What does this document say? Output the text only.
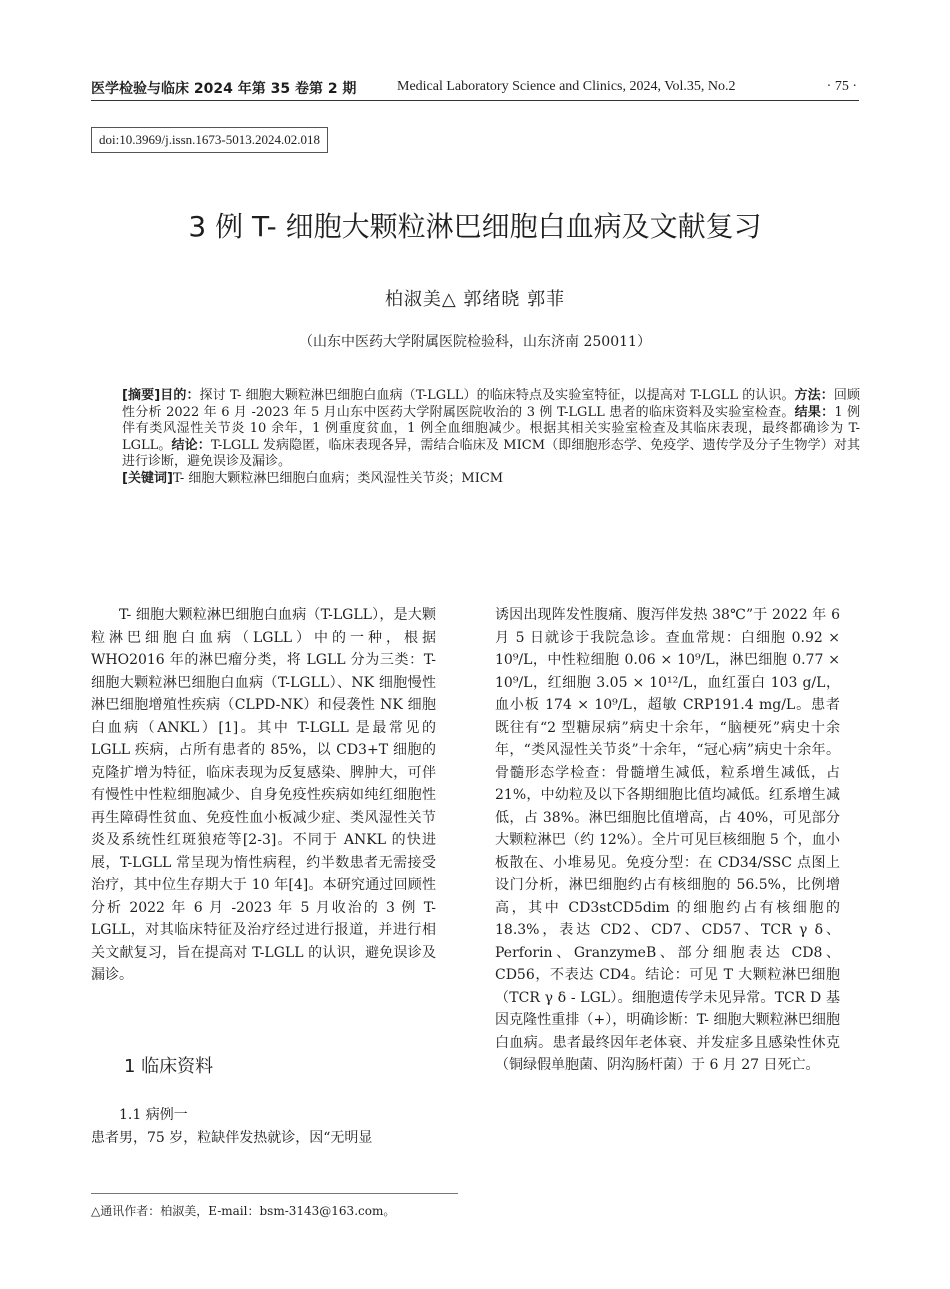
医学检验与临床 2024 年第 35 卷第 2 期	Medical Laboratory Science and Clinics, 2024, Vol.35, No.2	· 75 ·
doi:10.3969/j.issn.1673-5013.2024.02.018
3 例 T- 细胞大颗粒淋巴细胞白血病及文献复习
柏淑美△ 郭绪晓 郭菲
（山东中医药大学附属医院检验科，山东济南 250011）

[摘要]目的：探讨 T- 细胞大颗粒淋巴细胞白血病（T-LGLL）的临床特点及实验室特征，以提高对 T-LGLL 的认识。方法：回顾性分析 2022 年 6 月 -2023 年 5 月山东中医药大学附属医院收治的 3 例 T-LGLL 患者的临床资料及实验室检查。结果：1 例伴有类风湿性关节炎 10 余年，1 例重度贫血，1 例全血细胞减少。根据其相关实验室检查及其临床表现，最终都确诊为 T-LGLL。结论：T-LGLL 发病隐匿，临床表现各异，需结合临床及 MICM（即细胞形态学、免疫学、遗传学及分子生物学）对其进行诊断，避免误诊及漏诊。

[关键词]T- 细胞大颗粒淋巴细胞白血病；类风湿性关节炎；MICM

T- 细胞大颗粒淋巴细胞白血病（T-LGLL），是大颗粒淋巴细胞白血病（LGLL）中的一种，根据 WHO2016 年的淋巴瘤分类，将 LGLL 分为三类：T- 细胞大颗粒淋巴细胞白血病（T-LGLL）、NK 细胞慢性淋巴细胞增殖性疾病（CLPD-NK）和侵袭性 NK 细胞白血病（ANKL）[1]。其中 T-LGLL 是最常见的 LGLL 疾病，占所有患者的 85%，以 CD3+T 细胞的克隆扩增为特征，临床表现为反复感染、脾肿大，可伴有慢性中性粒细胞减少、自身免疫性疾病如纯红细胞性再生障碍性贫血、免疫性血小板减少症、类风湿性关节炎及系统性红斑狼疮等[2-3]。不同于 ANKL 的快进展，T-LGLL 常呈现为惰性病程，约半数患者无需接受治疗，其中位生存期大于 10 年[4]。本研究通过回顾性分析 2022 年 6 月 -2023 年 5 月收治的 3 例 T-LGLL，对其临床特征及治疗经过进行报道，并进行相关文献复习，旨在提高对 T-LGLL 的认识，避免误诊及漏诊。

1 临床资料

1.1 病例一

患者男，75 岁，粒缺伴发热就诊，因“无明显

诱因出现阵发性腹痛、腹泻伴发热 38℃”于 2022 年 6 月 5 日就诊于我院急诊。查血常规：白细胞 0.92 × 10⁹/L，中性粒细胞 0.06 × 10⁹/L，淋巴细胞 0.77 × 10⁹/L，红细胞 3.05 × 10¹²/L，血红蛋白 103 g/L，血小板 174 × 10⁹/L，超敏 CRP191.4 mg/L。患者既往有“2 型糖尿病”病史十余年，“脑梗死”病史十余年，“类风湿性关节炎”十余年，“冠心病”病史十余年。骨髓形态学检查：骨髓增生减低，粒系增生减低，占 21%，中幼粒及以下各期细胞比值均减低。红系增生减低，占 38%。淋巴细胞比值增高，占 40%，可见部分大颗粒淋巴（约 12%）。全片可见巨核细胞 5 个，血小板散在、小堆易见。免疫分型：在 CD34/SSC 点图上设门分析，淋巴细胞约占有核细胞的 56.5%，比例增高，其中 CD3stCD5dim 的细胞约占有核细胞的 18.3%，表达 CD2、CD7、CD57、TCR γ δ、Perforin、GranzymeB、部分细胞表达 CD8、CD56，不表达 CD4。结论：可见 T 大颗粒淋巴细胞（TCR γ δ - LGL）。细胞遗传学未见异常。TCR D 基因克隆性重排（+），明确诊断：T- 细胞大颗粒淋巴细胞白血病。患者最终因年老体衰、并发症多且感染性休克（铜绿假单胞菌、阴沟肠杆菌）于 6 月 27 日死亡。

△通讯作者：柏淑美，E-mail：bsm-3143@163.com。
